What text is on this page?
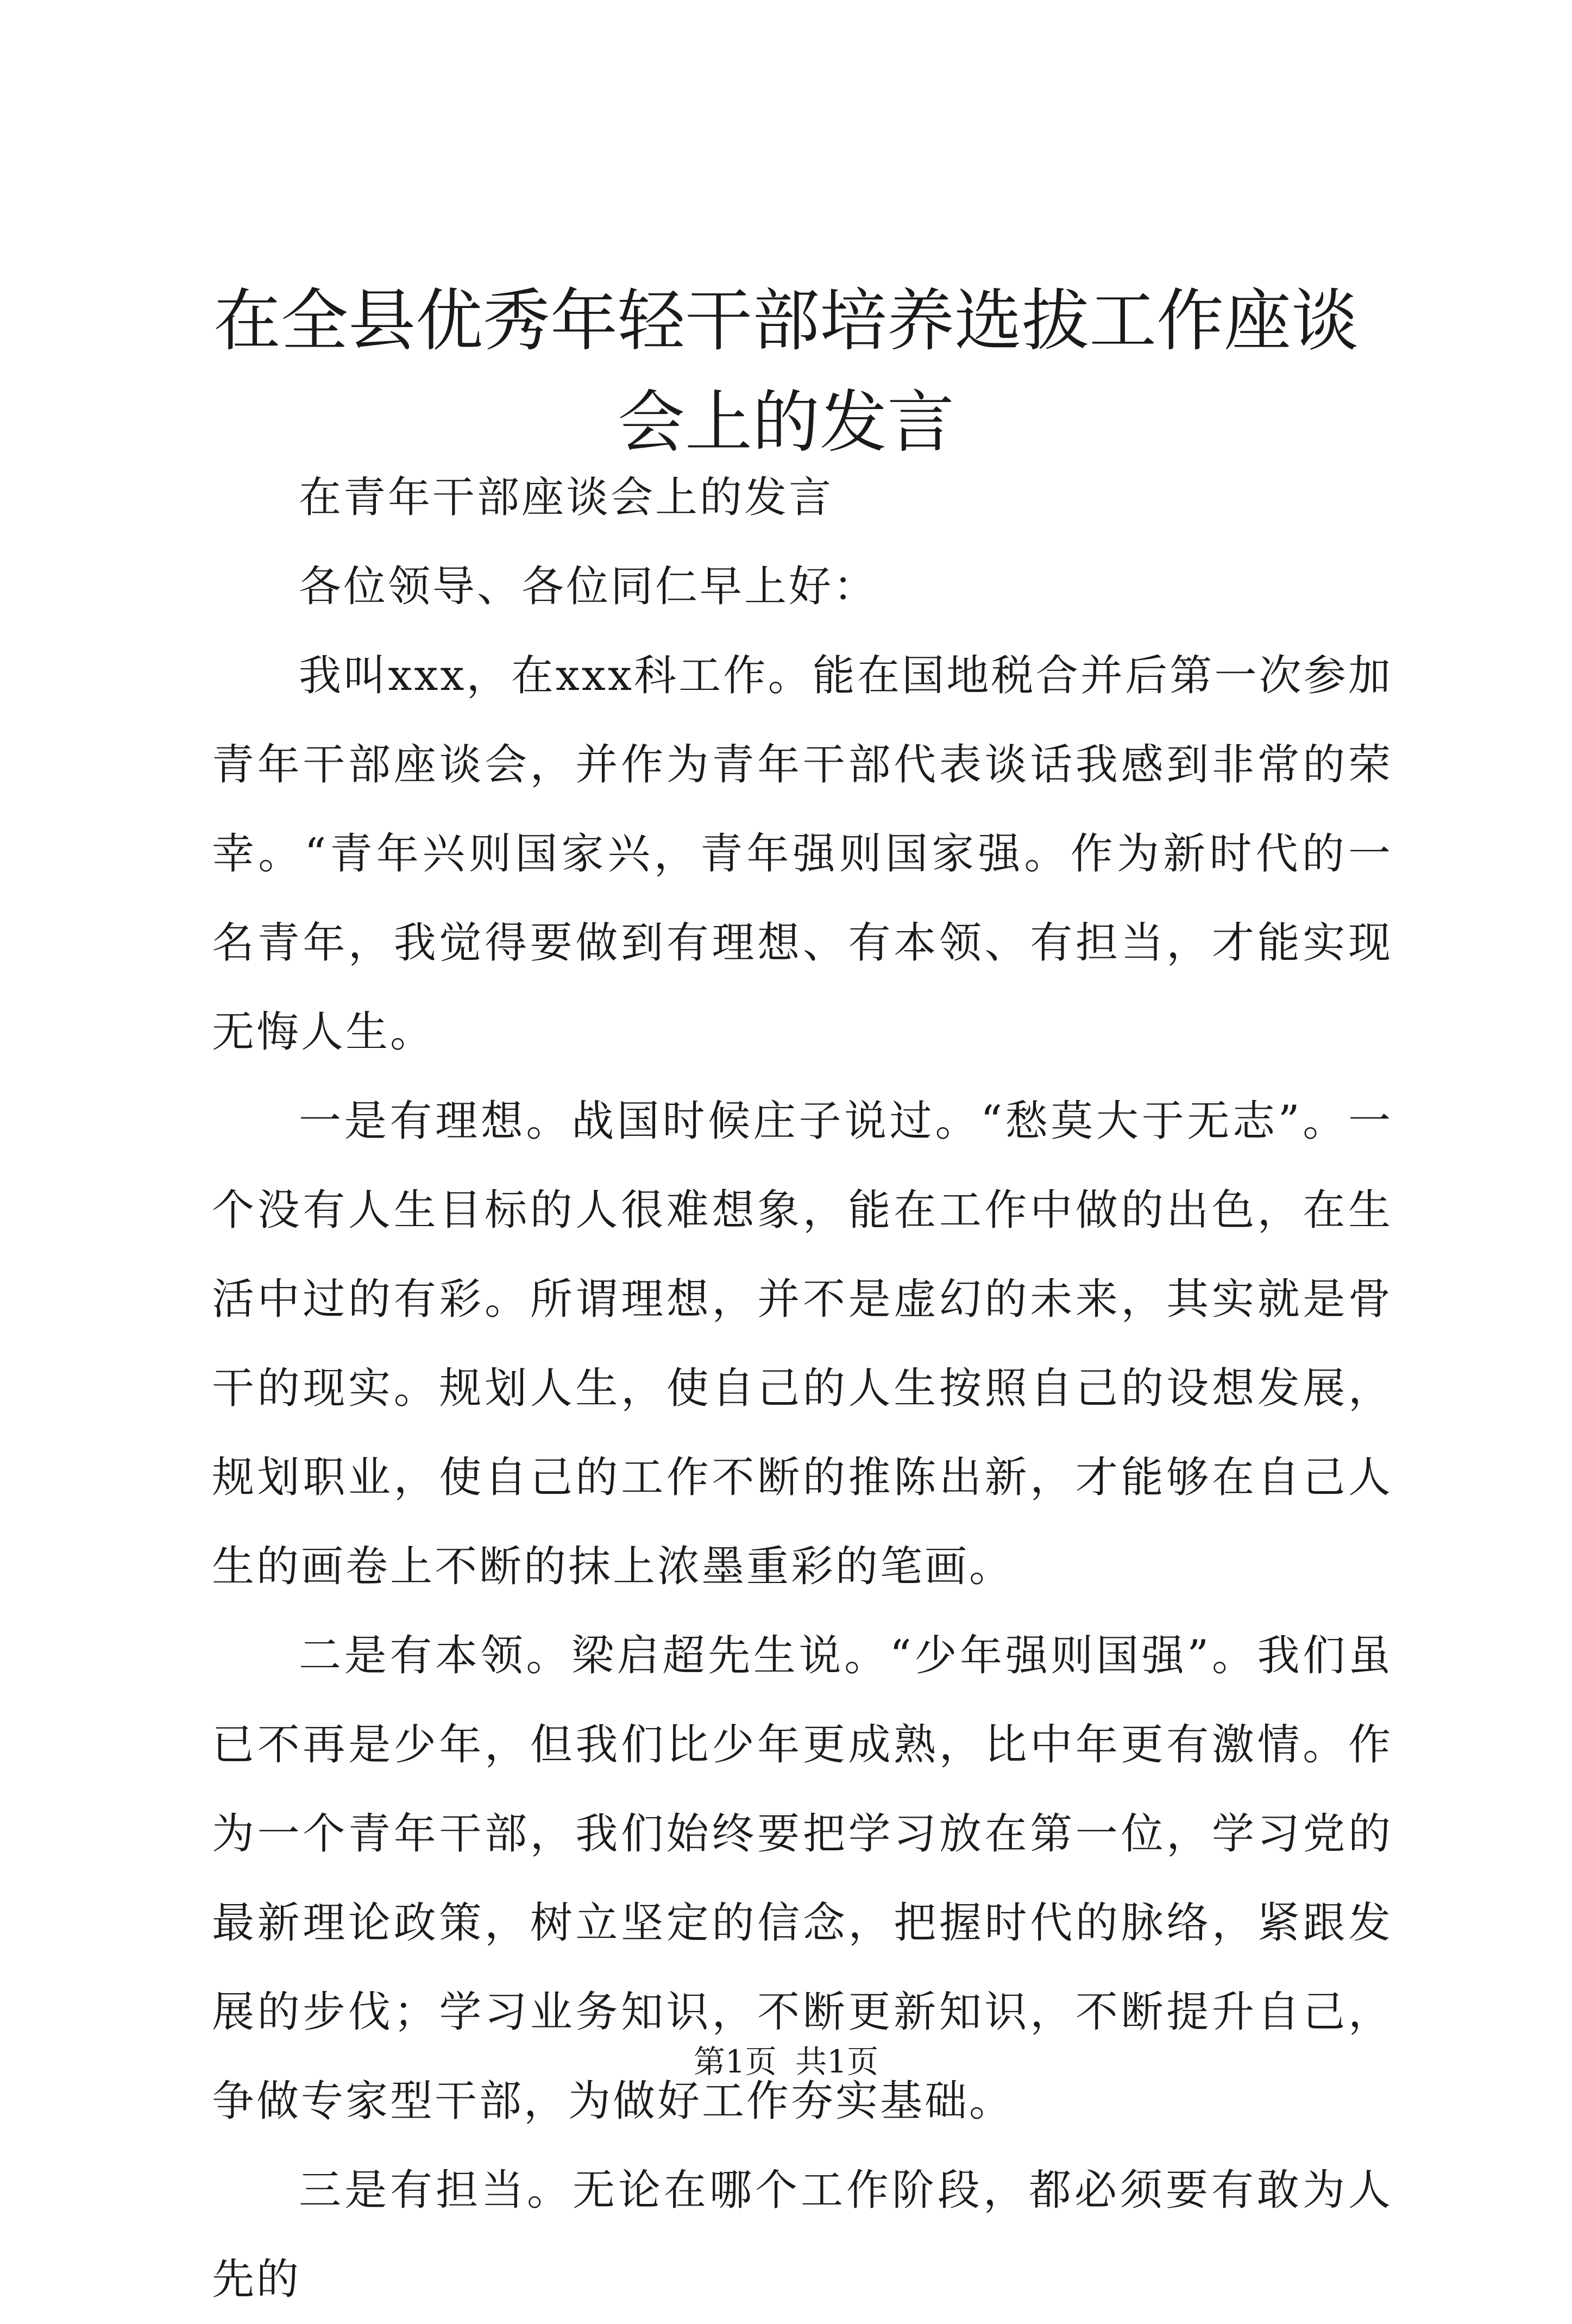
在全县优秀年轻干部培养选拔工作座谈会上的发言

在青年干部座谈会上的发言

各位领导、各位同仁早上好：

我叫xxx，在xxx科工作。能在国地税合并后第一次参加青年干部座谈会，并作为青年干部代表谈话我感到非常的荣幸。“青年兴则国家兴，青年强则国家强。作为新时代的一名青年，我觉得要做到有理想、有本领、有担当，才能实现无悔人生。

一是有理想。战国时候庄子说过。“愁莫大于无志”。一个没有人生目标的人很难想象，能在工作中做的出色，在生活中过的有彩。所谓理想，并不是虚幻的未来，其实就是骨干的现实。规划人生，使自己的人生按照自己的设想发展，规划职业，使自己的工作不断的推陈出新，才能够在自己人生的画卷上不断的抹上浓墨重彩的笔画。

二是有本领。梁启超先生说。“少年强则国强”。我们虽已不再是少年，但我们比少年更成熟，比中年更有激情。作为一个青年干部，我们始终要把学习放在第一位，学习党的最新理论政策，树立坚定的信念，把握时代的脉络，紧跟发展的步伐；学习业务知识，不断更新知识，不断提升自己，争做专家型干部，为做好工作夯实基础。

三是有担当。无论在哪个工作阶段，都必须要有敢为人先的

第1页 共1页
